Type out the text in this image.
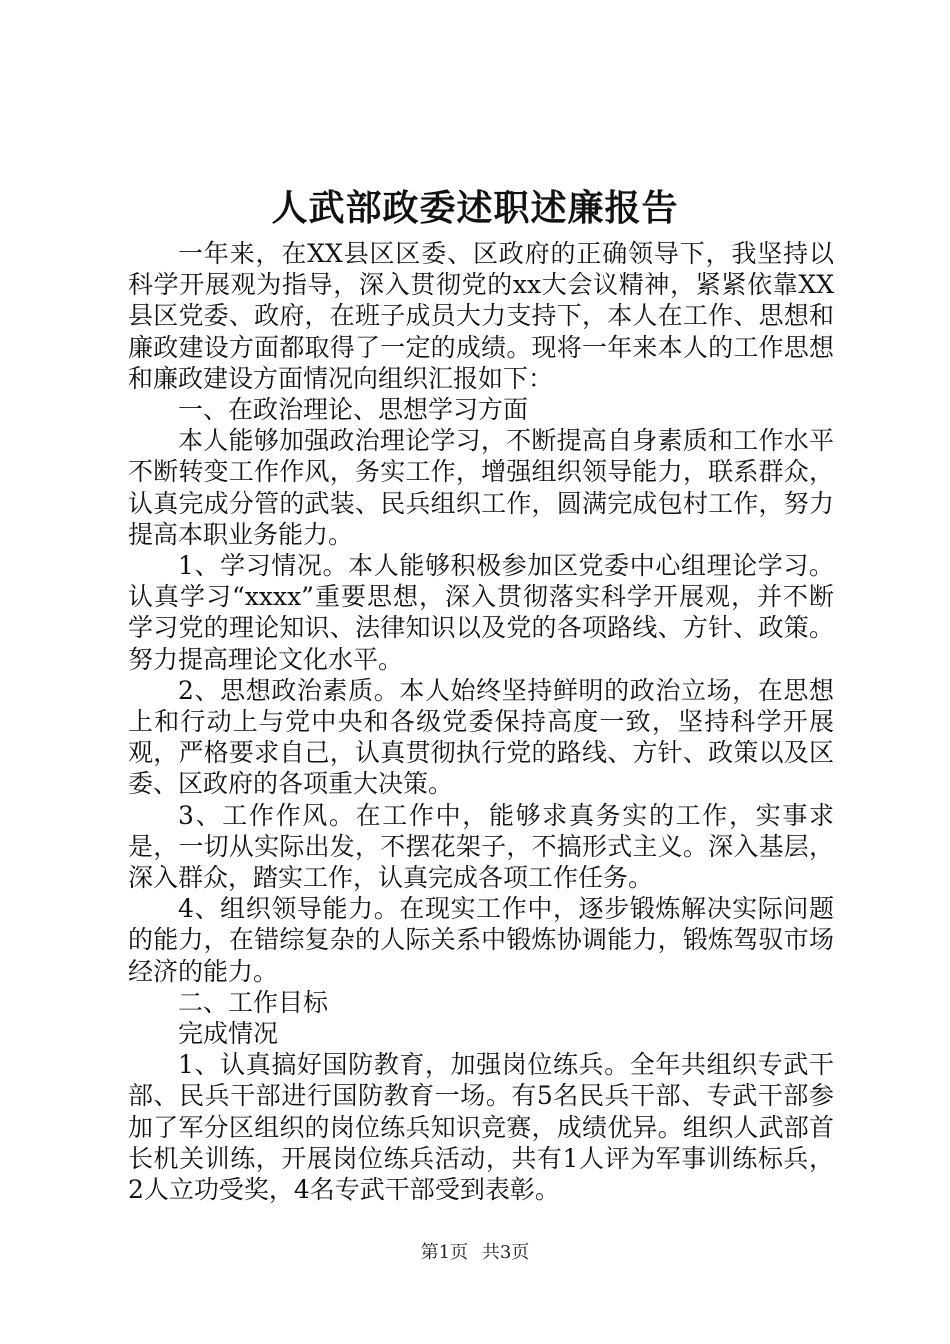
人武部政委述职述廉报告

一年来，在XX县区区委、区政府的正确领导下，我坚持以科学开展观为指导，深入贯彻党的xx大会议精神，紧紧依靠XX县区党委、政府，在班子成员大力支持下，本人在工作、思想和廉政建设方面都取得了一定的成绩。现将一年来本人的工作思想和廉政建设方面情况向组织汇报如下：

一、在政治理论、思想学习方面

本人能够加强政治理论学习，不断提高自身素质和工作水平不断转变工作作风，务实工作，增强组织领导能力，联系群众，认真完成分管的武装、民兵组织工作，圆满完成包村工作，努力提高本职业务能力。

1、学习情况。本人能够积极参加区党委中心组理论学习。认真学习“xxxx”重要思想，深入贯彻落实科学开展观，并不断学习党的理论知识、法律知识以及党的各项路线、方针、政策。努力提高理论文化水平。

2、思想政治素质。本人始终坚持鲜明的政治立场，在思想上和行动上与党中央和各级党委保持高度一致，坚持科学开展观，严格要求自己，认真贯彻执行党的路线、方针、政策以及区委、区政府的各项重大决策。

3、工作作风。在工作中，能够求真务实的工作，实事求是，一切从实际出发，不摆花架子，不搞形式主义。深入基层，深入群众，踏实工作，认真完成各项工作任务。

4、组织领导能力。在现实工作中，逐步锻炼解决实际问题的能力，在错综复杂的人际关系中锻炼协调能力，锻炼驾驭市场经济的能力。

二、工作目标

完成情况

1、认真搞好国防教育，加强岗位练兵。全年共组织专武干部、民兵干部进行国防教育一场。有5名民兵干部、专武干部参加了军分区组织的岗位练兵知识竞赛，成绩优异。组织人武部首长机关训练，开展岗位练兵活动，共有1人评为军事训练标兵，2人立功受奖，4名专武干部受到表彰。

第1页 共3页
